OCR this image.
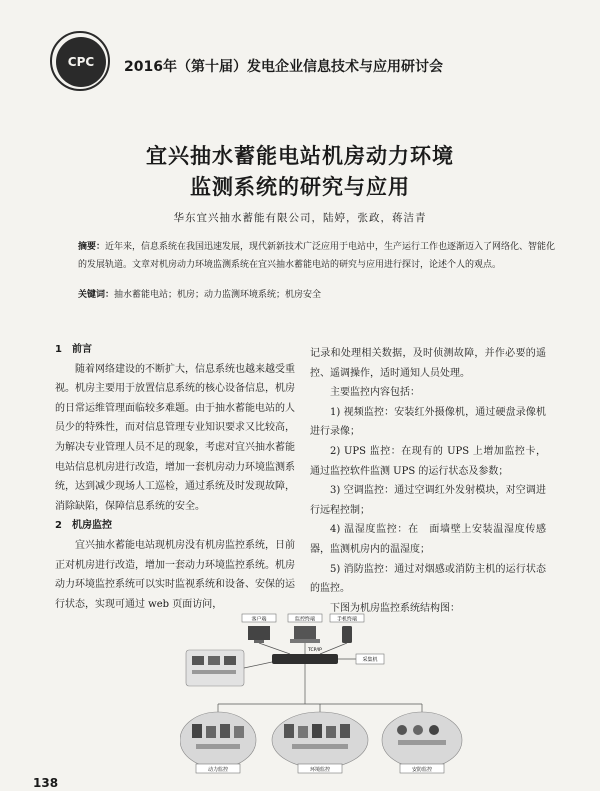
CPC 2016年（第十届）发电企业信息技术与应用研讨会
宜兴抽水蓄能电站机房动力环境
监测系统的研究与应用
华东宜兴抽水蓄能有限公司，陆婷，张政，蒋洁青
摘要：近年来，信息系统在我国迅速发展，现代新新技术广泛应用于电站中，生产运行工作也逐渐迈入了网络化、智能化的发展轨道。文章对机房动力环境监测系统在宜兴抽水蓄能电站的研究与应用进行探讨，论述个人的观点。
关键词：抽水蓄能电站；机房；动力监测环境系统；机房安全

1　前言

随着网络建设的不断扩大，信息系统也越来越受重视。机房主要用于放置信息系统的核心设备信息，机房的日常运维管理面临较多难题。由于抽水蓄能电站的人员少的特殊性，而对信息管理专业知识要求又比较高，为解决专业管理人员不足的现象，考虑对宜兴抽水蓄能电站信息机房进行改造，增加一套机房动力环境监测系统，达到减少现场人工巡检，通过系统及时发现故障，消除缺陷，保障信息系统的安全。

2　机房监控

宜兴抽水蓄能电站现机房没有机房监控系统，日前正对机房进行改造，增加一套动力环境监控系统。机房动力环境监控系统可以实时监视系统和设备、安保的运行状态，实现可通过 web 页面访问，

记录和处理相关数据，及时侦测故障，并作必要的遥控、遥调操作，适时通知人员处理。

主要监控内容包括：

1) 视频监控：安装红外摄像机，通过硬盘录像机进行录像；

2) UPS 监控：在现有的 UPS 上增加监控卡，通过监控软件监测 UPS 的运行状态及参数；

3) 空调监控：通过空调红外发射模块，对空调进行远程控制；

4) 温湿度监控：在　面墙壁上安装温湿度传感器，监测机房内的温湿度；

5) 消防监控：通过对烟感或消防主机的运行状态的监控。

下图为机房监控系统结构图：

客户端	监控终端	手机终端
TCP/IP
采集机
动力监控	环境监控	安防监控
138
